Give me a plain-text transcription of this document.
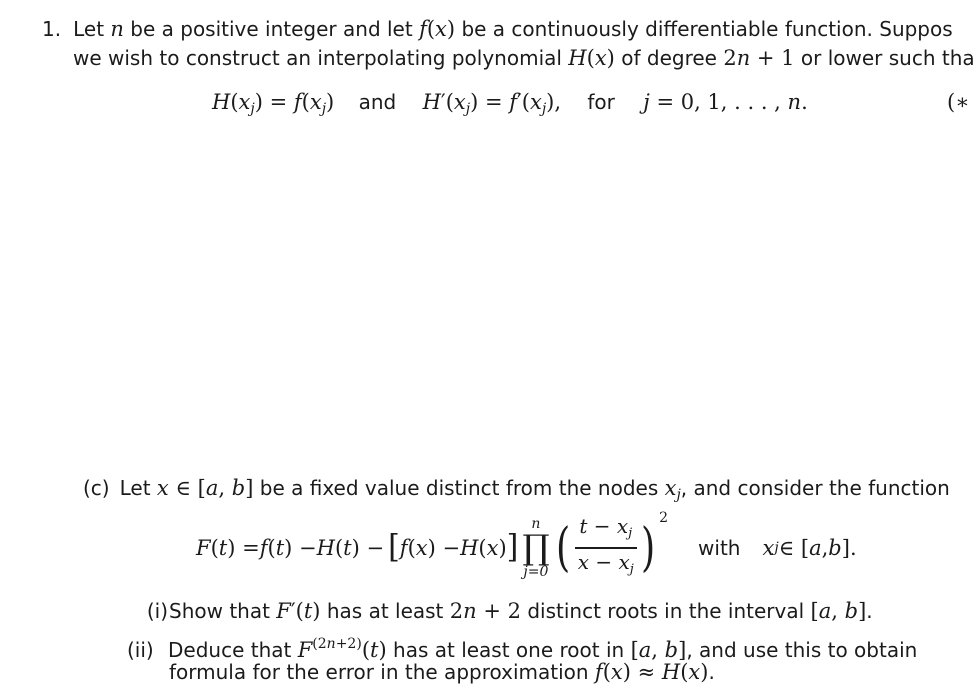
1. Let n be a positive integer and let f(x) be a continuously differentiable function. Suppos
we wish to construct an interpolating polynomial H(x) of degree 2n + 1 or lower such tha
$H(x_j) = f(x_j)$ and $H'(x_j) = f'(x_j)$, for j = 0, 1, . . . , n.	(∗
(c) Let x ∈ [a, b] be a fixed value distinct from the nodes $x_j$, and consider the function
F ( t ) = f ( t ) − H ( t ) − [ f ( x ) − H ( x ) ]
n
∏
j=0 ( $\frac{t - x_j}{x - x_j}$ ) 2
with x j ∈ [ a , b ].
(i)Show that F′(t) has at least 2n + 2 distinct roots in the interval [a, b].
(ii) Deduce that $F^{(2n+2)}(t)$ has at least one root in [a, b], and use this to obtain
formula for the error in the approximation f(x) ≈ H(x).
